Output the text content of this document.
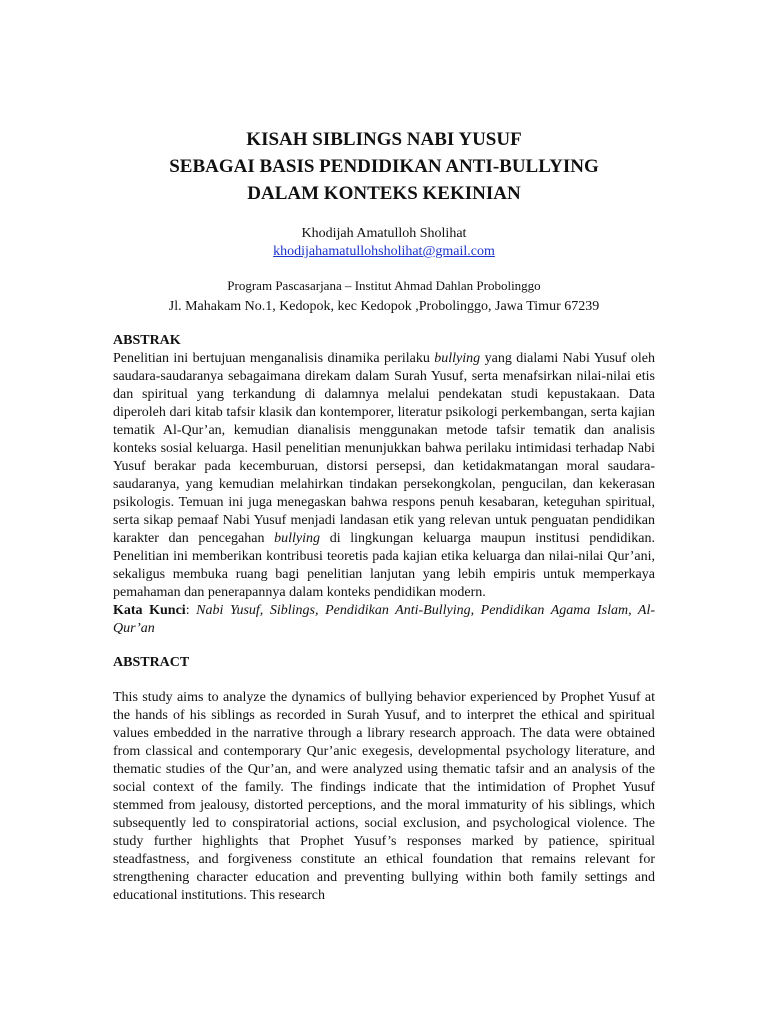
KISAH SIBLINGS NABI YUSUF
SEBAGAI BASIS PENDIDIKAN ANTI-BULLYING
DALAM KONTEKS KEKINIAN
Khodijah Amatulloh Sholihat
khodijahamatullohsholihat@gmail.com
Program Pascasarjana – Institut Ahmad Dahlan Probolinggo
Jl. Mahakam No.1, Kedopok, kec Kedopok ,Probolinggo, Jawa Timur 67239
ABSTRAK

Penelitian ini bertujuan menganalisis dinamika perilaku bullying yang dialami Nabi Yusuf oleh saudara-saudaranya sebagaimana direkam dalam Surah Yusuf, serta menafsirkan nilai-nilai etis dan spiritual yang terkandung di dalamnya melalui pendekatan studi kepustakaan. Data diperoleh dari kitab tafsir klasik dan kontemporer, literatur psikologi perkembangan, serta kajian tematik Al-Qur’an, kemudian dianalisis menggunakan metode tafsir tematik dan analisis konteks sosial keluarga. Hasil penelitian menunjukkan bahwa perilaku intimidasi terhadap Nabi Yusuf berakar pada kecemburuan, distorsi persepsi, dan ketidakmatangan moral saudara-saudaranya, yang kemudian melahirkan tindakan persekongkolan, pengucilan, dan kekerasan psikologis. Temuan ini juga menegaskan bahwa respons penuh kesabaran, keteguhan spiritual, serta sikap pemaaf Nabi Yusuf menjadi landasan etik yang relevan untuk penguatan pendidikan karakter dan pencegahan bullying di lingkungan keluarga maupun institusi pendidikan. Penelitian ini memberikan kontribusi teoretis pada kajian etika keluarga dan nilai-nilai Qur’ani, sekaligus membuka ruang bagi penelitian lanjutan yang lebih empiris untuk memperkaya pemahaman dan penerapannya dalam konteks pendidikan modern.

Kata Kunci: Nabi Yusuf, Siblings, Pendidikan Anti-Bullying, Pendidikan Agama Islam, Al-Qur’an

ABSTRACT

This study aims to analyze the dynamics of bullying behavior experienced by Prophet Yusuf at the hands of his siblings as recorded in Surah Yusuf, and to interpret the ethical and spiritual values embedded in the narrative through a library research approach. The data were obtained from classical and contemporary Qur’anic exegesis, developmental psychology literature, and thematic studies of the Qur’an, and were analyzed using thematic tafsir and an analysis of the social context of the family. The findings indicate that the intimidation of Prophet Yusuf stemmed from jealousy, distorted perceptions, and the moral immaturity of his siblings, which subsequently led to conspiratorial actions, social exclusion, and psychological violence. The study further highlights that Prophet Yusuf’s responses marked by patience, spiritual steadfastness, and forgiveness constitute an ethical foundation that remains relevant for strengthening character education and preventing bullying within both family settings and educational institutions. This research
